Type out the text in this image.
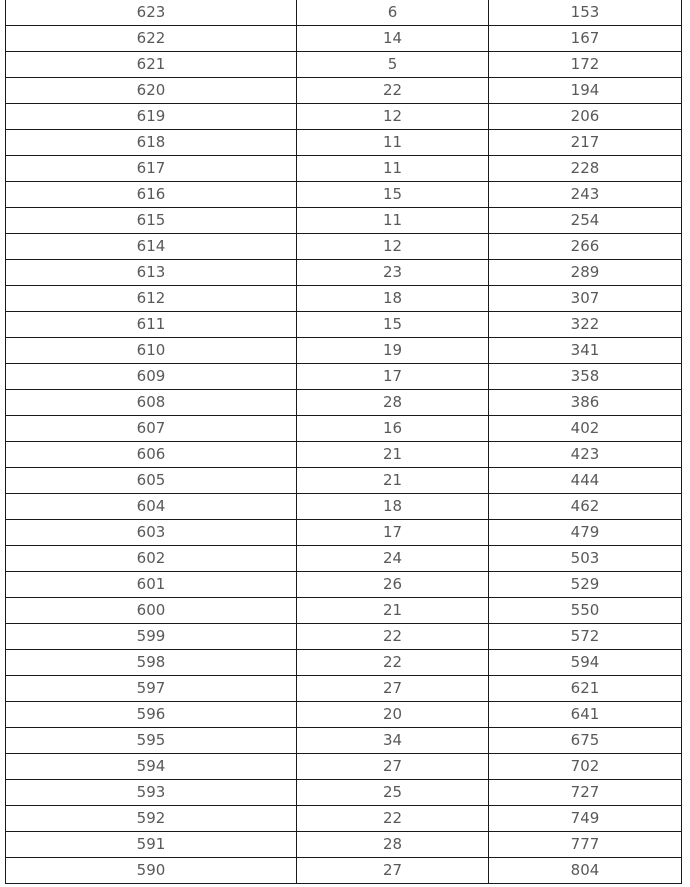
623	6	153
622	14	167
621	5	172
620	22	194
619	12	206
618	11	217
617	11	228
616	15	243
615	11	254
614	12	266
613	23	289
612	18	307
611	15	322
610	19	341
609	17	358
608	28	386
607	16	402
606	21	423
605	21	444
604	18	462
603	17	479
602	24	503
601	26	529
600	21	550
599	22	572
598	22	594
597	27	621
596	20	641
595	34	675
594	27	702
593	25	727
592	22	749
591	28	777
590	27	804
